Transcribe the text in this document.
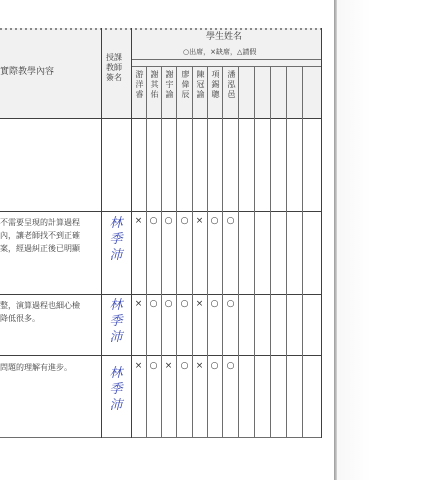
實際教學內容
授課
教師
簽名
學生姓名
○出席，×缺席，△請假
游洋睿 謝其佑 謝宇諭 廖偉辰 陳冠諭 項錫聰 潘泓邑
不需要呈現的計算過程
內，讓老師找不到正確
案，經過糾正後已明顯
林
季
沛
× ○ ○ ○ × ○ ○
整，演算過程也細心檢
降低很多。
林
季
沛
× ○ ○ ○ × ○ ○
問題的理解有進步。	林
季
沛
× ○ × ○ × ○ ○
